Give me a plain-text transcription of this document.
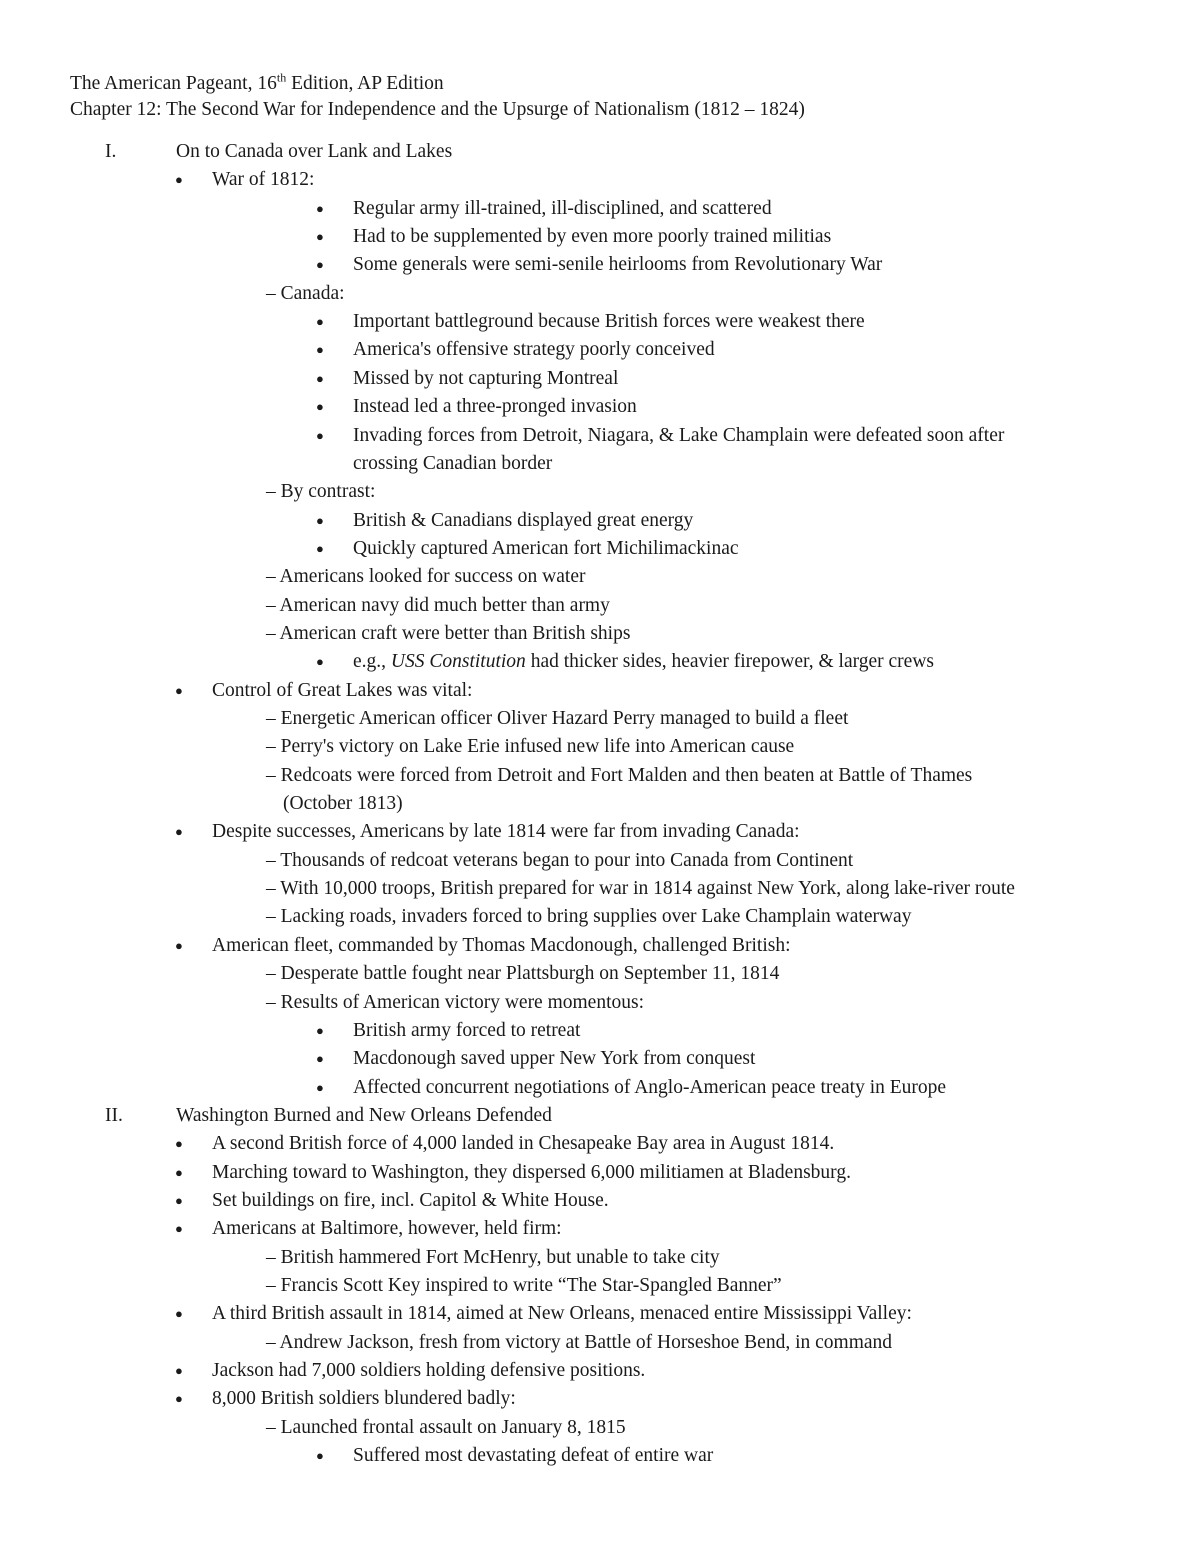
The American Pageant, 16th Edition, AP Edition
Chapter 12: The Second War for Independence and the Upsurge of Nationalism (1812 – 1824)
I.	On to Canada over Lank and Lakes
● War of 1812:
● Regular army ill-trained, ill-disciplined, and scattered
● Had to be supplemented by even more poorly trained militias
● Some generals were semi-senile heirlooms from Revolutionary War
– Canada:
● Important battleground because British forces were weakest there
● America's offensive strategy poorly conceived
● Missed by not capturing Montreal
● Instead led a three-pronged invasion
● Invading forces from Detroit, Niagara, & Lake Champlain were defeated soon after
crossing Canadian border
– By contrast:
● British & Canadians displayed great energy
● Quickly captured American fort Michilimackinac
– Americans looked for success on water
– American navy did much better than army
– American craft were better than British ships
● e.g., USS Constitution had thicker sides, heavier firepower, & larger crews
● Control of Great Lakes was vital:
– Energetic American officer Oliver Hazard Perry managed to build a fleet
– Perry's victory on Lake Erie infused new life into American cause
– Redcoats were forced from Detroit and Fort Malden and then beaten at Battle of Thames
(October 1813)
● Despite successes, Americans by late 1814 were far from invading Canada:
– Thousands of redcoat veterans began to pour into Canada from Continent
– With 10,000 troops, British prepared for war in 1814 against New York, along lake-river route
– Lacking roads, invaders forced to bring supplies over Lake Champlain waterway
● American fleet, commanded by Thomas Macdonough, challenged British:
– Desperate battle fought near Plattsburgh on September 11, 1814
– Results of American victory were momentous:
● British army forced to retreat
● Macdonough saved upper New York from conquest
● Affected concurrent negotiations of Anglo-American peace treaty in Europe
II.	Washington Burned and New Orleans Defended
● A second British force of 4,000 landed in Chesapeake Bay area in August 1814.
● Marching toward to Washington, they dispersed 6,000 militiamen at Bladensburg.
● Set buildings on fire, incl. Capitol & White House.
● Americans at Baltimore, however, held firm:
– British hammered Fort McHenry, but unable to take city
– Francis Scott Key inspired to write “The Star-Spangled Banner”
● A third British assault in 1814, aimed at New Orleans, menaced entire Mississippi Valley:
– Andrew Jackson, fresh from victory at Battle of Horseshoe Bend, in command
● Jackson had 7,000 soldiers holding defensive positions.
● 8,000 British soldiers blundered badly:
– Launched frontal assault on January 8, 1815
● Suffered most devastating defeat of entire war
